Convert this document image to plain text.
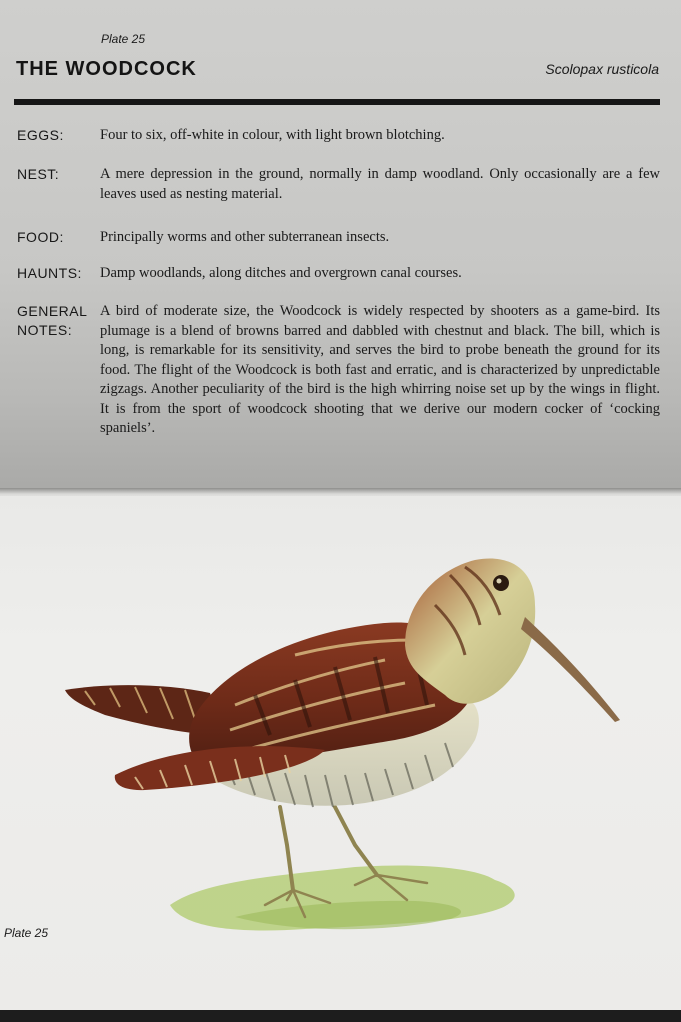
Plate 25
THE WOODCOCK	Scolopax rusticola
EGGS: Four to six, off-white in colour, with light brown blotching.
NEST:	A mere depression in the ground, normally in damp woodland. Only occasionally are a few leaves used as nesting material.
FOOD: Principally worms and other subterranean insects.
HAUNTS: Damp woodlands, along ditches and overgrown canal courses.
GENERAL
NOTES:
A bird of moderate size, the Woodcock is widely respected by shooters as a game-bird. Its plumage is a blend of browns barred and dabbled with chestnut and black. The bill, which is long, is remarkable for its sensitivity, and serves the bird to probe beneath the ground for its food. The flight of the Woodcock is both fast and erratic, and is characterized by unpredictable zigzags. Another peculiarity of the bird is the high whirring noise set up by the wings in flight. It is from the sport of woodcock shooting that we derive our modern cocker of ‘cocking spaniels’.
Plate 25
